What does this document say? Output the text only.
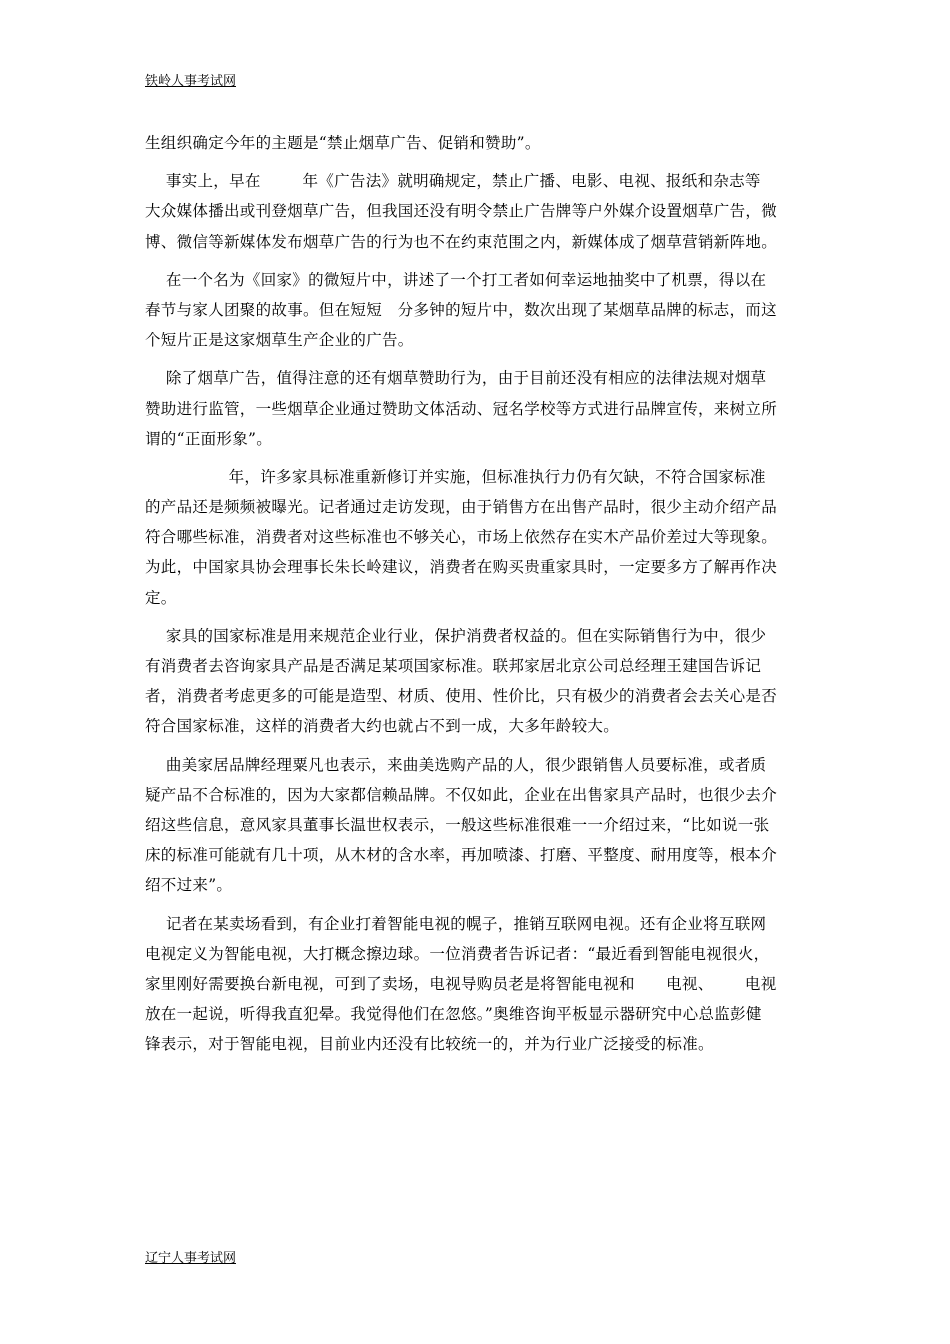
铁岭人事考试网
生组织确定今年的主题是“禁止烟草广告、促销和赞助”。
事实上，早在        年《广告法》就明确规定，禁止广播、电影、电视、报纸和杂志等
大众媒体播出或刊登烟草广告，但我国还没有明令禁止广告牌等户外媒介设置烟草广告，微
博、微信等新媒体发布烟草广告的行为也不在约束范围之内，新媒体成了烟草营销新阵地。
在一个名为《回家》的微短片中，讲述了一个打工者如何幸运地抽奖中了机票，得以在
春节与家人团聚的故事。但在短短   分多钟的短片中，数次出现了某烟草品牌的标志，而这
个短片正是这家烟草生产企业的广告。
除了烟草广告，值得注意的还有烟草赞助行为，由于目前还没有相应的法律法规对烟草
赞助进行监管，一些烟草企业通过赞助文体活动、冠名学校等方式进行品牌宣传，来树立所
谓的“正面形象”。
年，许多家具标准重新修订并实施，但标准执行力仍有欠缺，不符合国家标准
的产品还是频频被曝光。记者通过走访发现，由于销售方在出售产品时，很少主动介绍产品
符合哪些标准，消费者对这些标准也不够关心，市场上依然存在实木产品价差过大等现象。
为此，中国家具协会理事长朱长岭建议，消费者在购买贵重家具时，一定要多方了解再作决
定。
家具的国家标准是用来规范企业行业，保护消费者权益的。但在实际销售行为中，很少
有消费者去咨询家具产品是否满足某项国家标准。联邦家居北京公司总经理王建国告诉记
者，消费者考虑更多的可能是造型、材质、使用、性价比，只有极少的消费者会去关心是否
符合国家标准，这样的消费者大约也就占不到一成，大多年龄较大。
曲美家居品牌经理粟凡也表示，来曲美选购产品的人，很少跟销售人员要标准，或者质
疑产品不合标准的，因为大家都信赖品牌。不仅如此，企业在出售家具产品时，也很少去介
绍这些信息，意风家具董事长温世权表示，一般这些标准很难一一介绍过来，“比如说一张
床的标准可能就有几十项，从木材的含水率，再加喷漆、打磨、平整度、耐用度等，根本介
绍不过来”。
记者在某卖场看到，有企业打着智能电视的幌子，推销互联网电视。还有企业将互联网
电视定义为智能电视，大打概念擦边球。一位消费者告诉记者：“最近看到智能电视很火，
家里刚好需要换台新电视，可到了卖场，电视导购员老是将智能电视和      电视、      电视
放在一起说，听得我直犯晕。我觉得他们在忽悠。”奥维咨询平板显示器研究中心总监彭健
锋表示，对于智能电视，目前业内还没有比较统一的，并为行业广泛接受的标准。
辽宁人事考试网
